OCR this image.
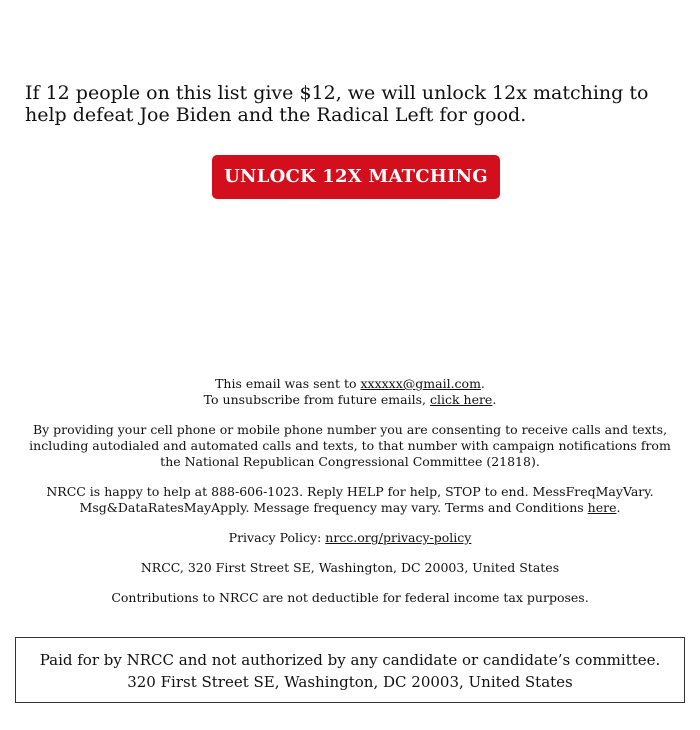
If 12 people on this list give $12, we will unlock 12x matching to help defeat Joe Biden and the Radical Left for good.

UNLOCK 12X MATCHING

This email was sent to xxxxxx@gmail.com.
To unsubscribe from future emails, click here.

By providing your cell phone or mobile phone number you are consenting to receive calls and texts, including autodialed and automated calls and texts, to that number with campaign notifications from the National Republican Congressional Committee (21818).

NRCC is happy to help at 888-606-1023. Reply HELP for help, STOP to end. MessFreqMayVary. Msg&DataRatesMayApply. Message frequency may vary. Terms and Conditions here.

Privacy Policy: nrcc.org/privacy-policy

NRCC, 320 First Street SE, Washington, DC 20003, United States

Contributions to NRCC are not deductible for federal income tax purposes.

Paid for by NRCC and not authorized by any candidate or candidate’s committee. 320 First Street SE, Washington, DC 20003, United States
